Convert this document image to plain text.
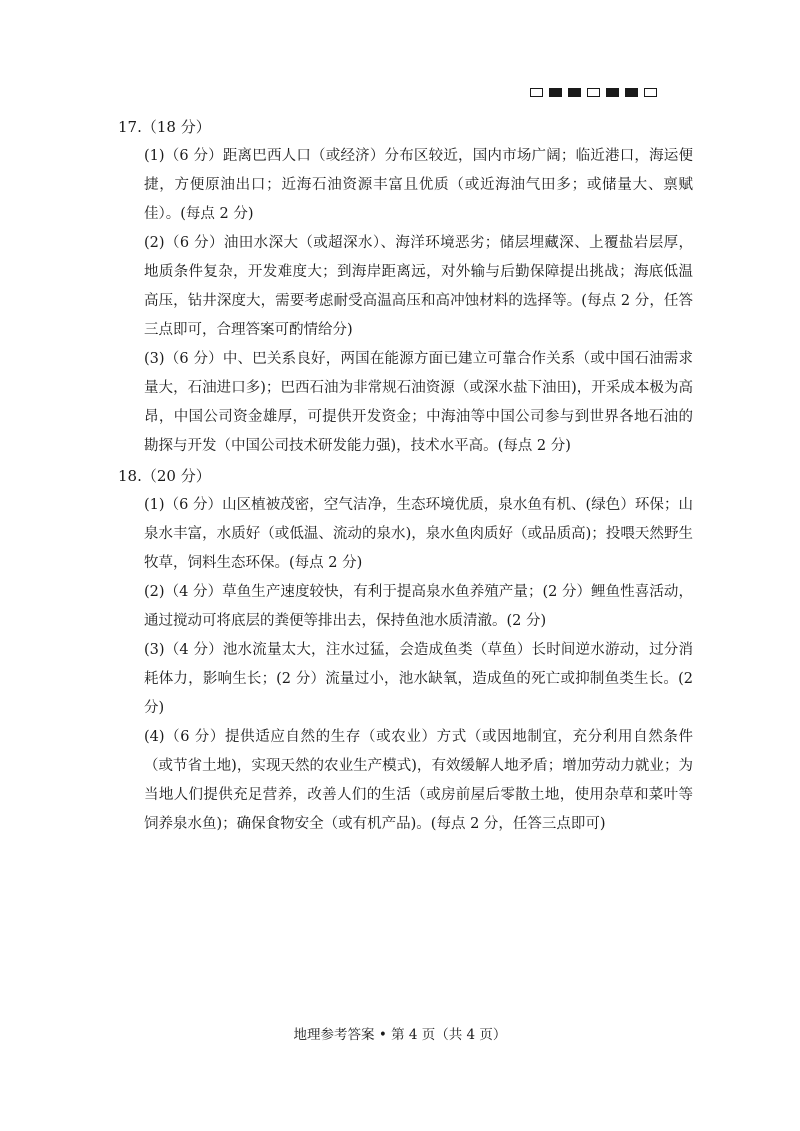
17.（18 分）

(1)（6 分）距离巴西人口（或经济）分布区较近，国内市场广阔；临近港口，海运便捷，方便原油出口；近海石油资源丰富且优质（或近海油气田多；或储量大、禀赋佳）。(每点 2 分)

(2)（6 分）油田水深大（或超深水）、海洋环境恶劣；储层埋藏深、上覆盐岩层厚，地质条件复杂，开发难度大；到海岸距离远，对外输与后勤保障提出挑战；海底低温高压，钻井深度大，需要考虑耐受高温高压和高冲蚀材料的选择等。(每点 2 分，任答三点即可，合理答案可酌情给分)

(3)（6 分）中、巴关系良好，两国在能源方面已建立可靠合作关系（或中国石油需求量大，石油进口多)；巴西石油为非常规石油资源（或深水盐下油田)，开采成本极为高昂，中国公司资金雄厚，可提供开发资金；中海油等中国公司参与到世界各地石油的勘探与开发（中国公司技术研发能力强)，技术水平高。(每点 2 分)

18.（20 分）

(1)（6 分）山区植被茂密，空气洁净，生态环境优质，泉水鱼有机、(绿色）环保；山泉水丰富，水质好（或低温、流动的泉水)，泉水鱼肉质好（或品质高)；投喂天然野生牧草，饲料生态环保。(每点 2 分)

(2)（4 分）草鱼生产速度较快，有利于提高泉水鱼养殖产量；(2 分）鲤鱼性喜活动，通过搅动可将底层的粪便等排出去，保持鱼池水质清澈。(2 分)

(3)（4 分）池水流量太大，注水过猛，会造成鱼类（草鱼）长时间逆水游动，过分消耗体力，影响生长；(2 分）流量过小，池水缺氧，造成鱼的死亡或抑制鱼类生长。(2 分)

(4)（6 分）提供适应自然的生存（或农业）方式（或因地制宜，充分利用自然条件（或节省土地)，实现天然的农业生产模式)，有效缓解人地矛盾；增加劳动力就业；为当地人们提供充足营养，改善人们的生活（或房前屋后零散土地，使用杂草和菜叶等饲养泉水鱼)；确保食物安全（或有机产品)。(每点 2 分，任答三点即可)

地理参考答案 • 第 4 页（共 4 页）
